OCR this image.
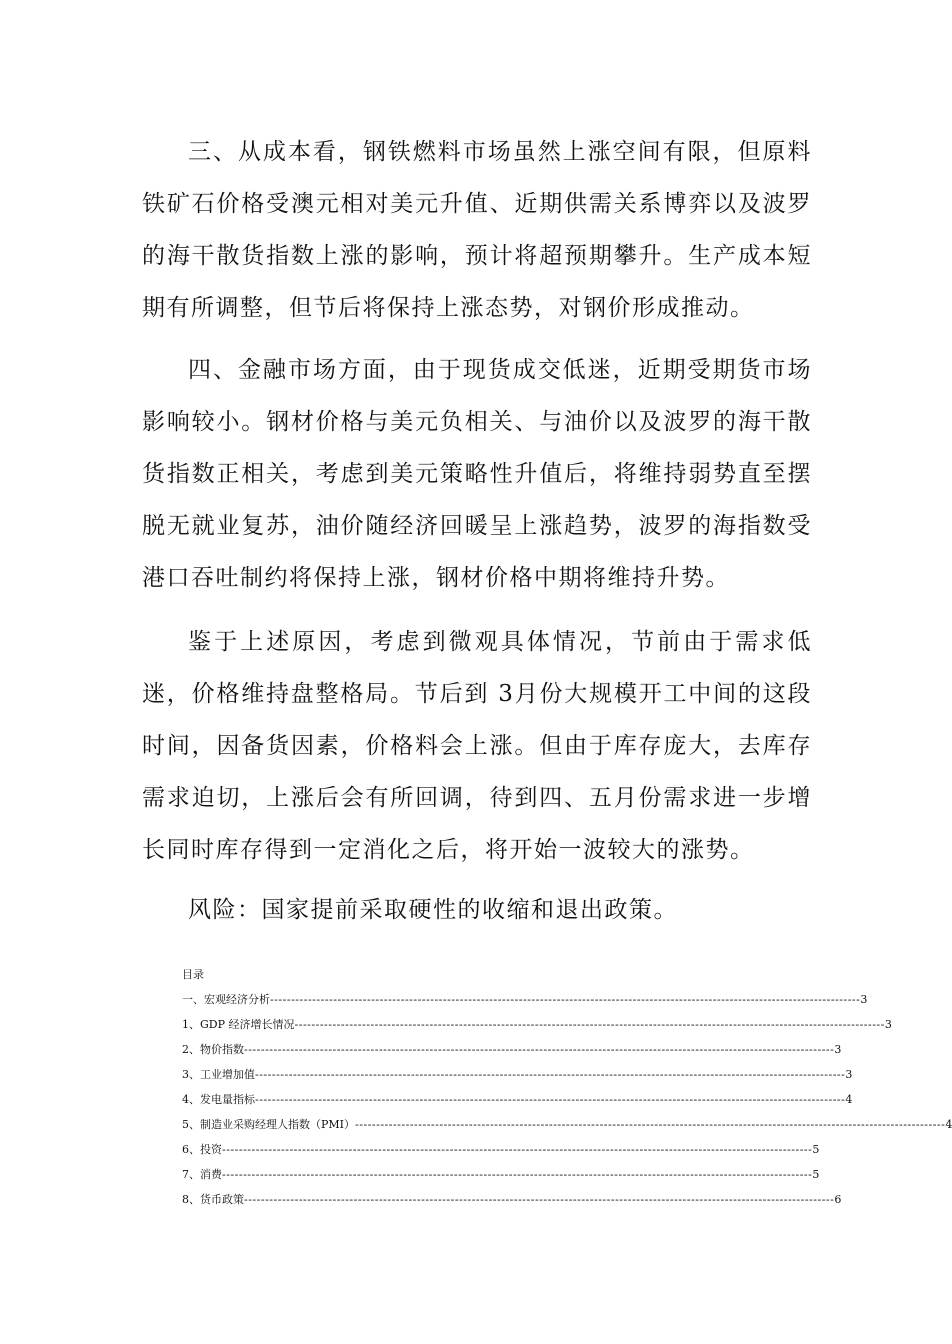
三、从成本看，钢铁燃料市场虽然上涨空间有限，但原料铁矿石价格受澳元相对美元升值、近期供需关系博弈以及波罗的海干散货指数上涨的影响，预计将超预期攀升。生产成本短期有所调整，但节后将保持上涨态势，对钢价形成推动。

四、金融市场方面，由于现货成交低迷，近期受期货市场影响较小。钢材价格与美元负相关、与油价以及波罗的海干散货指数正相关，考虑到美元策略性升值后，将维持弱势直至摆脱无就业复苏，油价随经济回暖呈上涨趋势，波罗的海指数受港口吞吐制约将保持上涨，钢材价格中期将维持升势。

鉴于上述原因，考虑到微观具体情况，节前由于需求低迷，价格维持盘整格局。节后到 3月份大规模开工中间的这段时间，因备货因素，价格料会上涨。但由于库存庞大，去库存需求迫切，上涨后会有所回调，待到四、五月份需求进一步增长同时库存得到一定消化之后，将开始一波较大的涨势。

风险：国家提前采取硬性的收缩和退出政策。

目录
一、宏观经济分析 -------------------------------------------------------------------------------------------------------------------------------------------- 3
1、GDP 经济增长情况 -------------------------------------------------------------------------------------------------------------------------------------------- 3
2、物价指数 -------------------------------------------------------------------------------------------------------------------------------------------- 3
3、工业增加值 -------------------------------------------------------------------------------------------------------------------------------------------- 3
4、发电量指标 -------------------------------------------------------------------------------------------------------------------------------------------- 4
5、制造业采购经理人指数（PMI） -------------------------------------------------------------------------------------------------------------------------------------------- 4
6、投资 -------------------------------------------------------------------------------------------------------------------------------------------- 5
7、消费 -------------------------------------------------------------------------------------------------------------------------------------------- 5
8、货币政策 -------------------------------------------------------------------------------------------------------------------------------------------- 6
